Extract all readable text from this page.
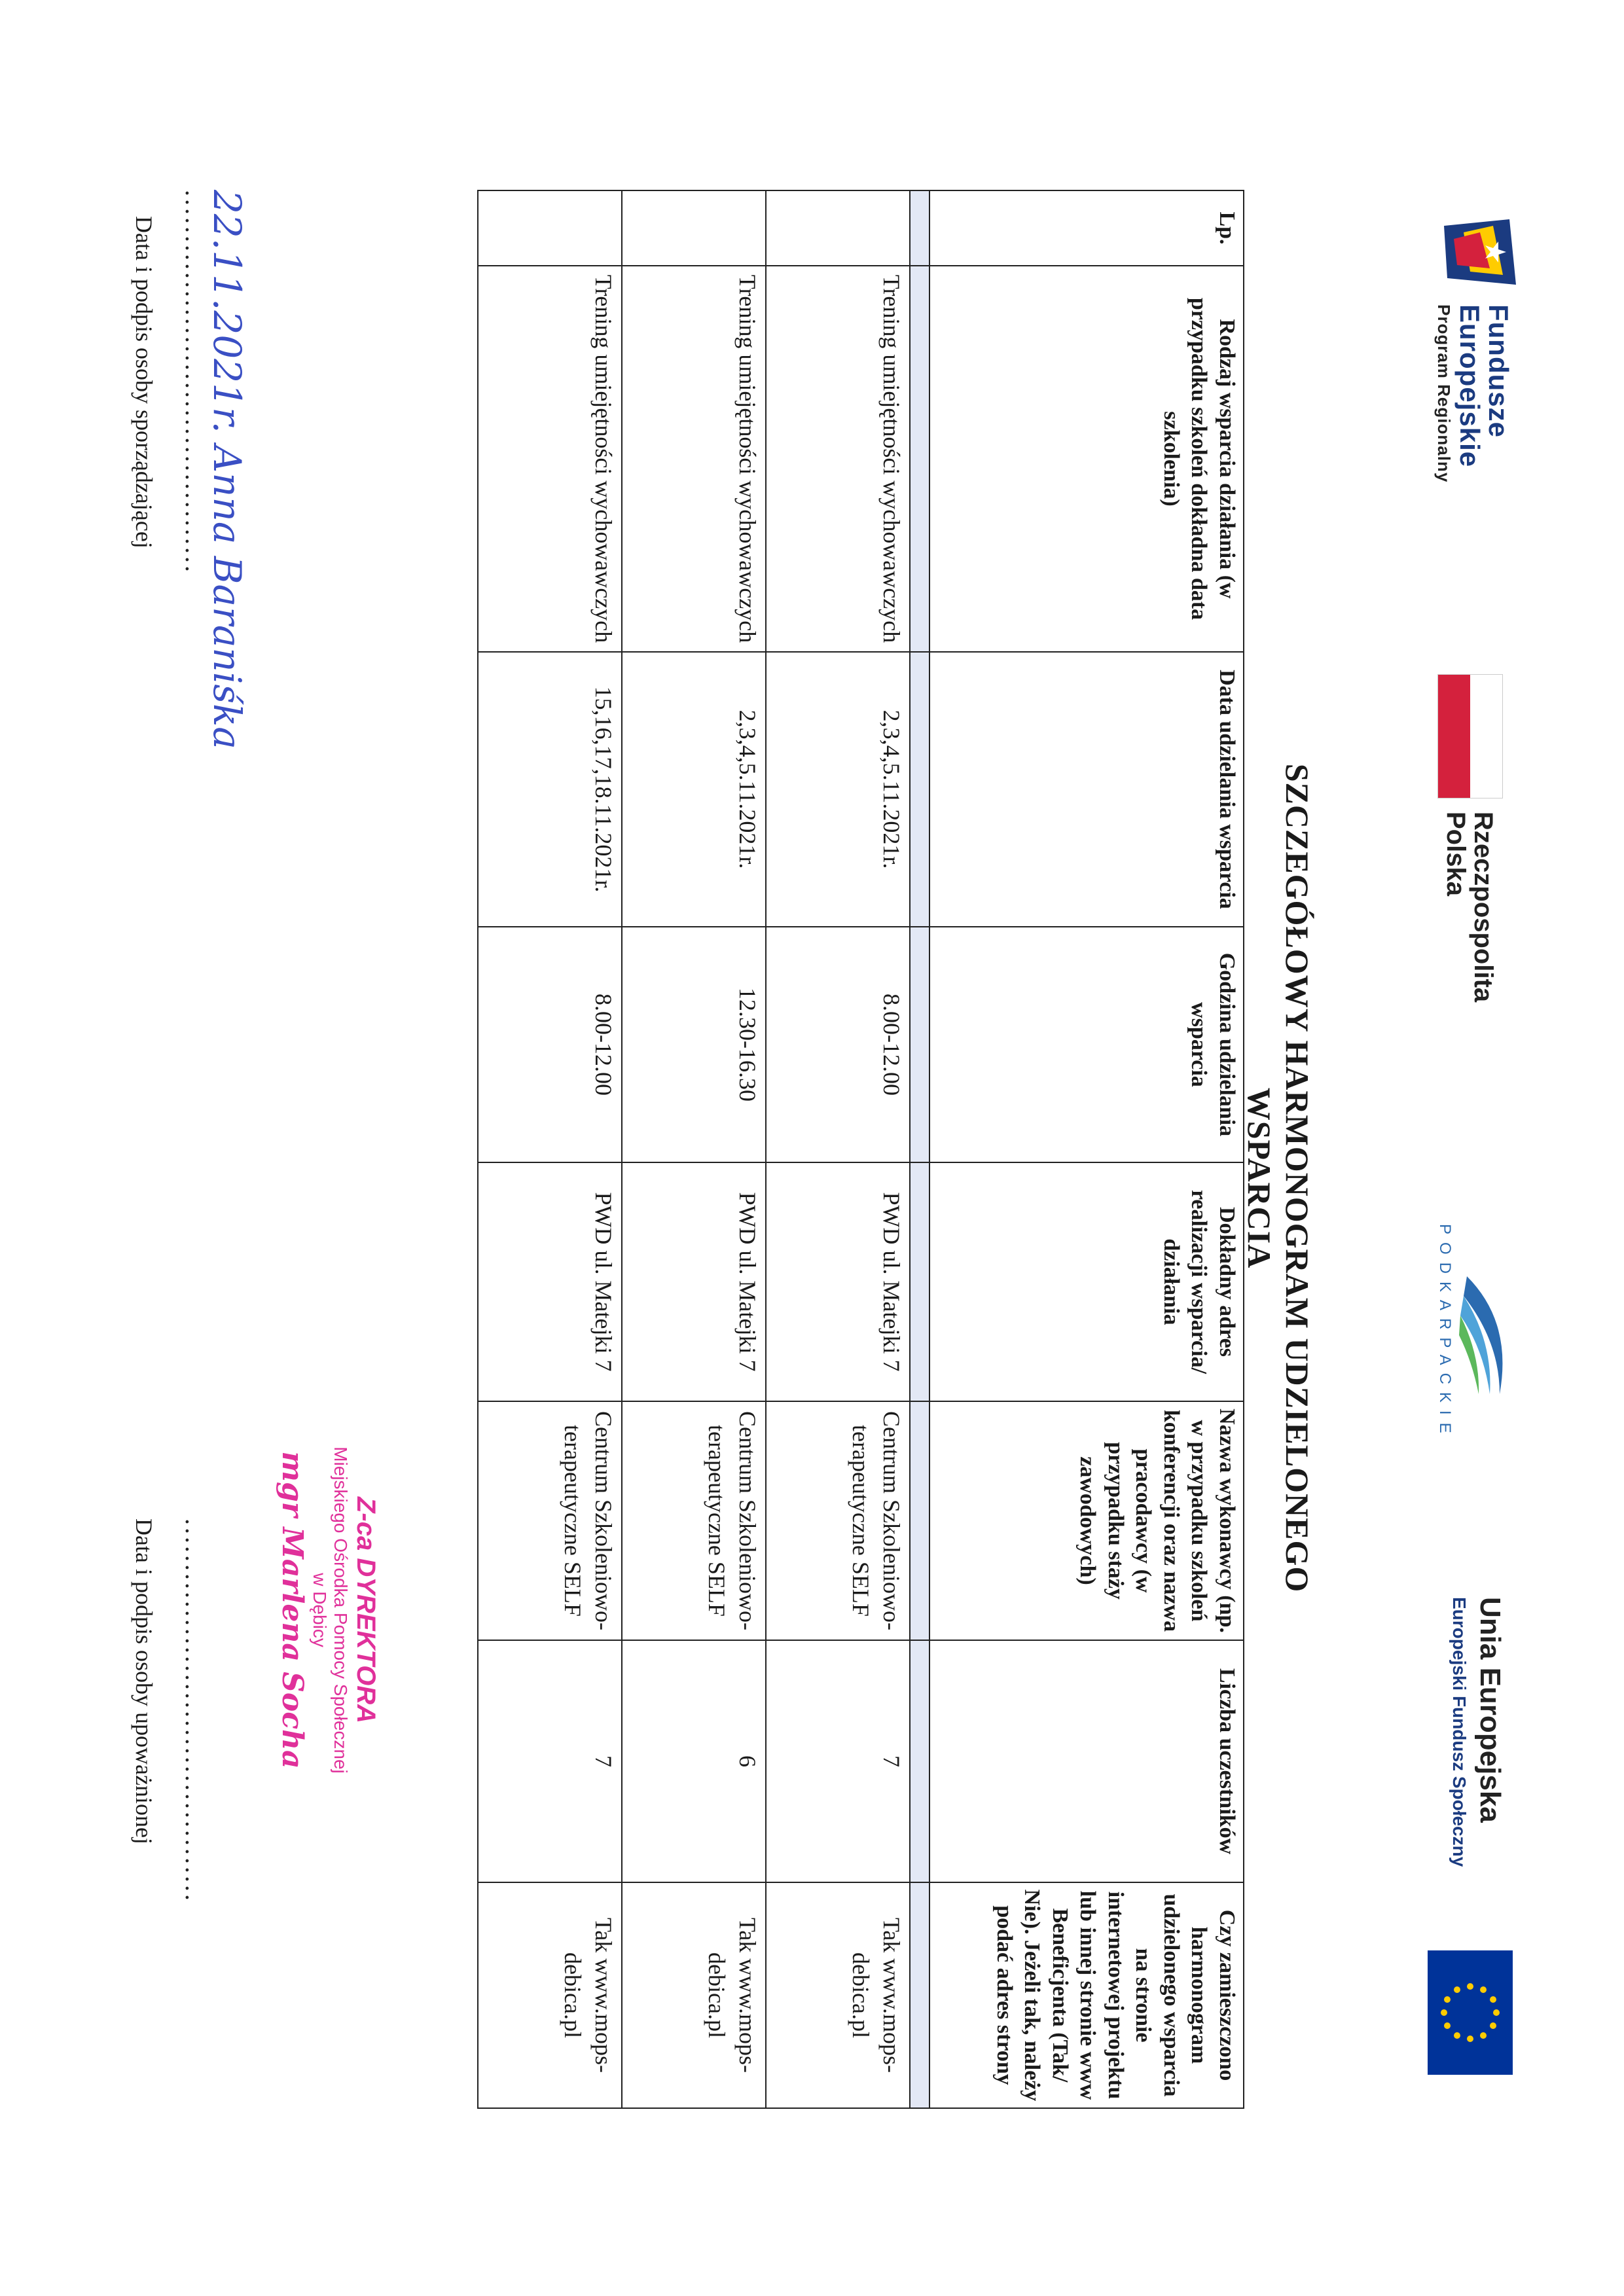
Fundusze
Europejskie
Program Regionalny
Rzeczpospolita
Polska
PODKARPACKIE
Unia Europejska
Europejski Fundusz Społeczny
SZCZEGÓŁOWY HARMONOGRAM UDZIELONEGO WSPARCIA
Lp.	Rodzaj wsparcia działania (w przypadku szkoleń dokładna data szkolenia)	Data udzielania wsparcia	Godzina udzielania wsparcia	Dokładny adres realizacji wsparcia/ działania	Nazwa wykonawcy (np. w przypadku szkoleń konferencji oraz nazwa pracodawcy (w przypadku staży zawodowych)	Liczba uczestników	Czy zamieszczono harmonogram udzielonego wsparcia na stronie internetowej projektu lub innej stronie www Beneficjenta (Tak/ Nie). Jeżeli tak, należy podać adres strony

	Trening umiejętności wychowawczych	2,3,4,5.11.2021r.	8.00-12.00	PWD ul. Matejki 7	Centrum Szkoleniowo-terapeutyczne SELF	7	Tak www.mops-debica.pl
	Trening umiejętności wychowawczych	2,3,4,5.11.2021r.	12.30-16.30	PWD ul. Matejki 7	Centrum Szkoleniowo-terapeutyczne SELF	6	Tak www.mops-debica.pl
	Trening umiejętności wychowawczych	15,16,17,18.11.2021r.	8.00-12.00	PWD ul. Matejki 7	Centrum Szkoleniowo-terapeutyczne SELF	7	Tak www.mops-debica.pl
22.11.2021r. Anna Baraniśka
..........................................
Data i podpis osoby sporządzającej
Z-ca DYREKTORA
Miejskiego Ośrodka Pomocy Społecznej
w Dębicy
mgr Marlena Socha
..........................................
Data i podpis osoby upoważnionej
